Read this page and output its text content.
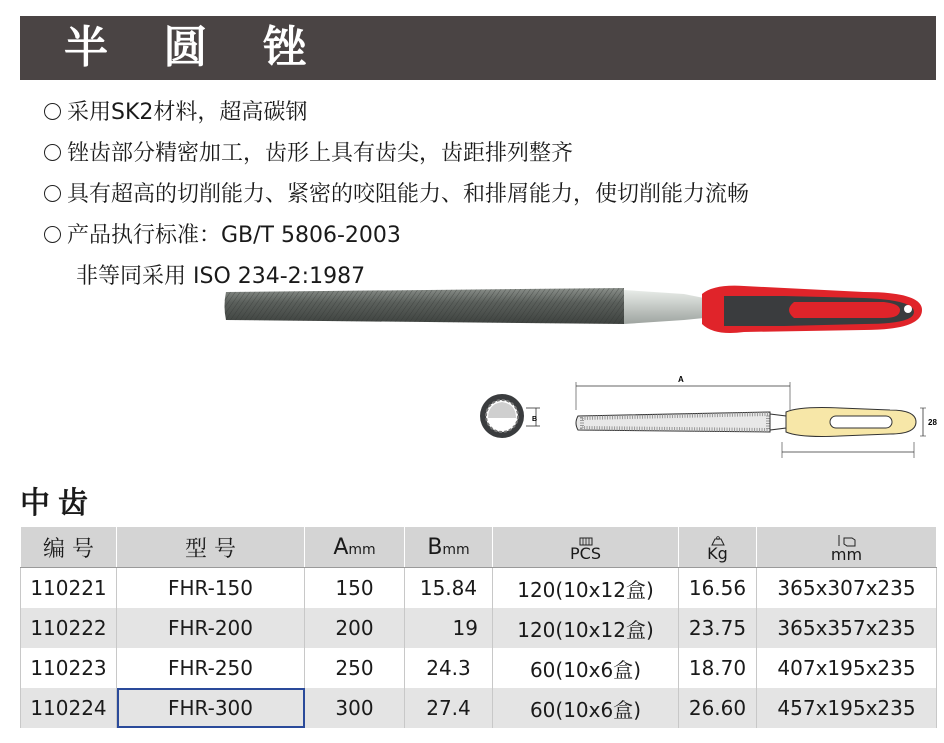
半 圆 锉
采用SK2材料，超高碳钢
锉齿部分精密加工，齿形上具有齿尖，齿距排列整齐
具有超高的切削能力、紧密的咬阻能力、和排屑能力，使切削能力流畅
产品执行标准：GB/T 5806-2003
非等同采用 ISO 234-2:1987
B
A
28
中齿
编 号	型 号	Amm	Bmm	PCS	Kg	mm

110221	FHR-150	150	15.84	120(10x12盒)	16.56	365x307x235
110222	FHR-200	200	19	120(10x12盒)	23.75	365x357x235
110223	FHR-250	250	24.3	60(10x6盒)	18.70	407x195x235
110224	FHR-300	300	27.4	60(10x6盒)	26.60	457x195x235
